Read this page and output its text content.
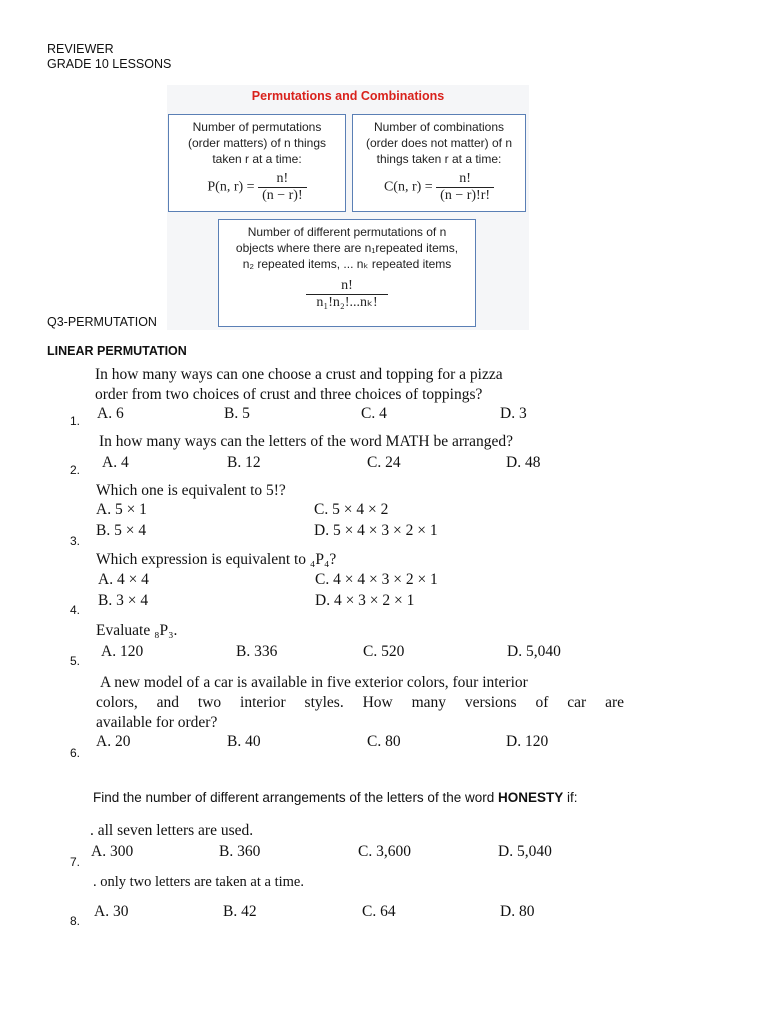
REVIEWER
GRADE 10 LESSONS
Permutations and Combinations
Number of permutations
(order matters) of n things
taken r at a time:
P(n, $r) = \frac{n!}{(n - r)!}$
Number of combinations
(order does not matter) of n
things taken r at a time:
C(n, $r) = \frac{n!}{(n - r)!r!}$
Number of different permutations of n
objects where there are n₁repeated items,
n₂ repeated items, ... nₖ repeated items
$\frac{n!}{\text{n₁!n₂!...nₖ!}}$
Q3-PERMUTATION
LINEAR PERMUTATION
In how many ways can one choose a crust and topping for a pizza
order from two choices of crust and three choices of toppings?
A. 6	B. 5	C. 4	D. 3
1.
In how many ways can the letters of the word MATH be arranged?
A. 4	B. 12	C. 24	D. 48
2.
Which one is equivalent to 5!?
A. 5 × 1	C. 5 × 4 × 2
B. 5 × 4	D. 5 × 4 × 3 × 2 × 1
3.
Which expression is equivalent to ₄P₄?
A. 4 × 4	C. 4 × 4 × 3 × 2 × 1
B. 3 × 4	D. 4 × 3 × 2 × 1
4.
Evaluate ₈P₃.
A. 120	B. 336	C. 520	D. 5,040
5.
A new model of a car is available in five exterior colors, four interior
colors, and two interior styles. How many versions of car are
available for order?
A. 20	B. 40	C. 80	D. 120
6.
Find the number of different arrangements of the letters of the word HONESTY if:
. all seven letters are used.
A. 300	B. 360	C. 3,600	D. 5,040
7.
. only two letters are taken at a time.
A. 30	B. 42	C. 64	D. 80
8.
